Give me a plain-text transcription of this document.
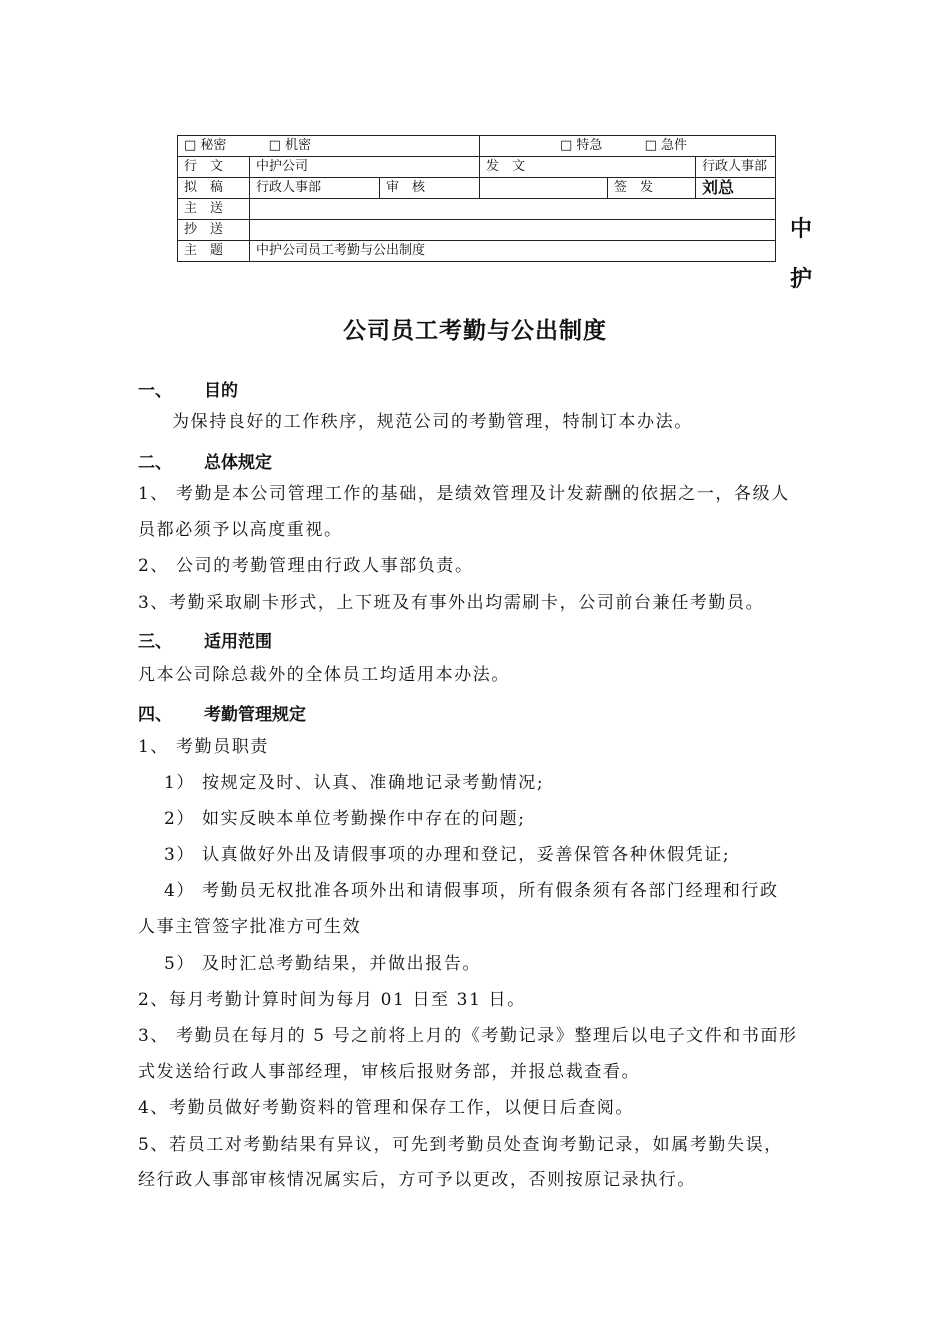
□ 秘密 □ 机密			□ 特急 □ 急件		
行　文	中护公司		发　文		行政人事部
拟　稿	行政人事部	审　核		签　发	刘总
主　送					
抄　送					
主　题	中护公司员工考勤与公出制度				
中
护
公司员工考勤与公出制度
一、 目的
为保持良好的工作秩序，规范公司的考勤管理，特制订本办法。
二、 总体规定
1、 考勤是本公司管理工作的基础，是绩效管理及计发薪酬的依据之一，各级人
员都必须予以高度重视。
2、 公司的考勤管理由行政人事部负责。
3、考勤采取刷卡形式，上下班及有事外出均需刷卡，公司前台兼任考勤员。
三、 适用范围
凡本公司除总裁外的全体员工均适用本办法。
四、 考勤管理规定
1、 考勤员职责
1） 按规定及时、认真、准确地记录考勤情况;
2） 如实反映本单位考勤操作中存在的问题;
3） 认真做好外出及请假事项的办理和登记，妥善保管各种休假凭证;
4） 考勤员无权批准各项外出和请假事项，所有假条须有各部门经理和行政
人事主管签字批准方可生效
5） 及时汇总考勤结果，并做出报告。
2、每月考勤计算时间为每月 01 日至 31 日。
3、 考勤员在每月的 5 号之前将上月的《考勤记录》整理后以电子文件和书面形
式发送给行政人事部经理，审核后报财务部，并报总裁查看。
4、考勤员做好考勤资料的管理和保存工作，以便日后查阅。
5、若员工对考勤结果有异议，可先到考勤员处查询考勤记录，如属考勤失误，
经行政人事部审核情况属实后，方可予以更改，否则按原记录执行。
